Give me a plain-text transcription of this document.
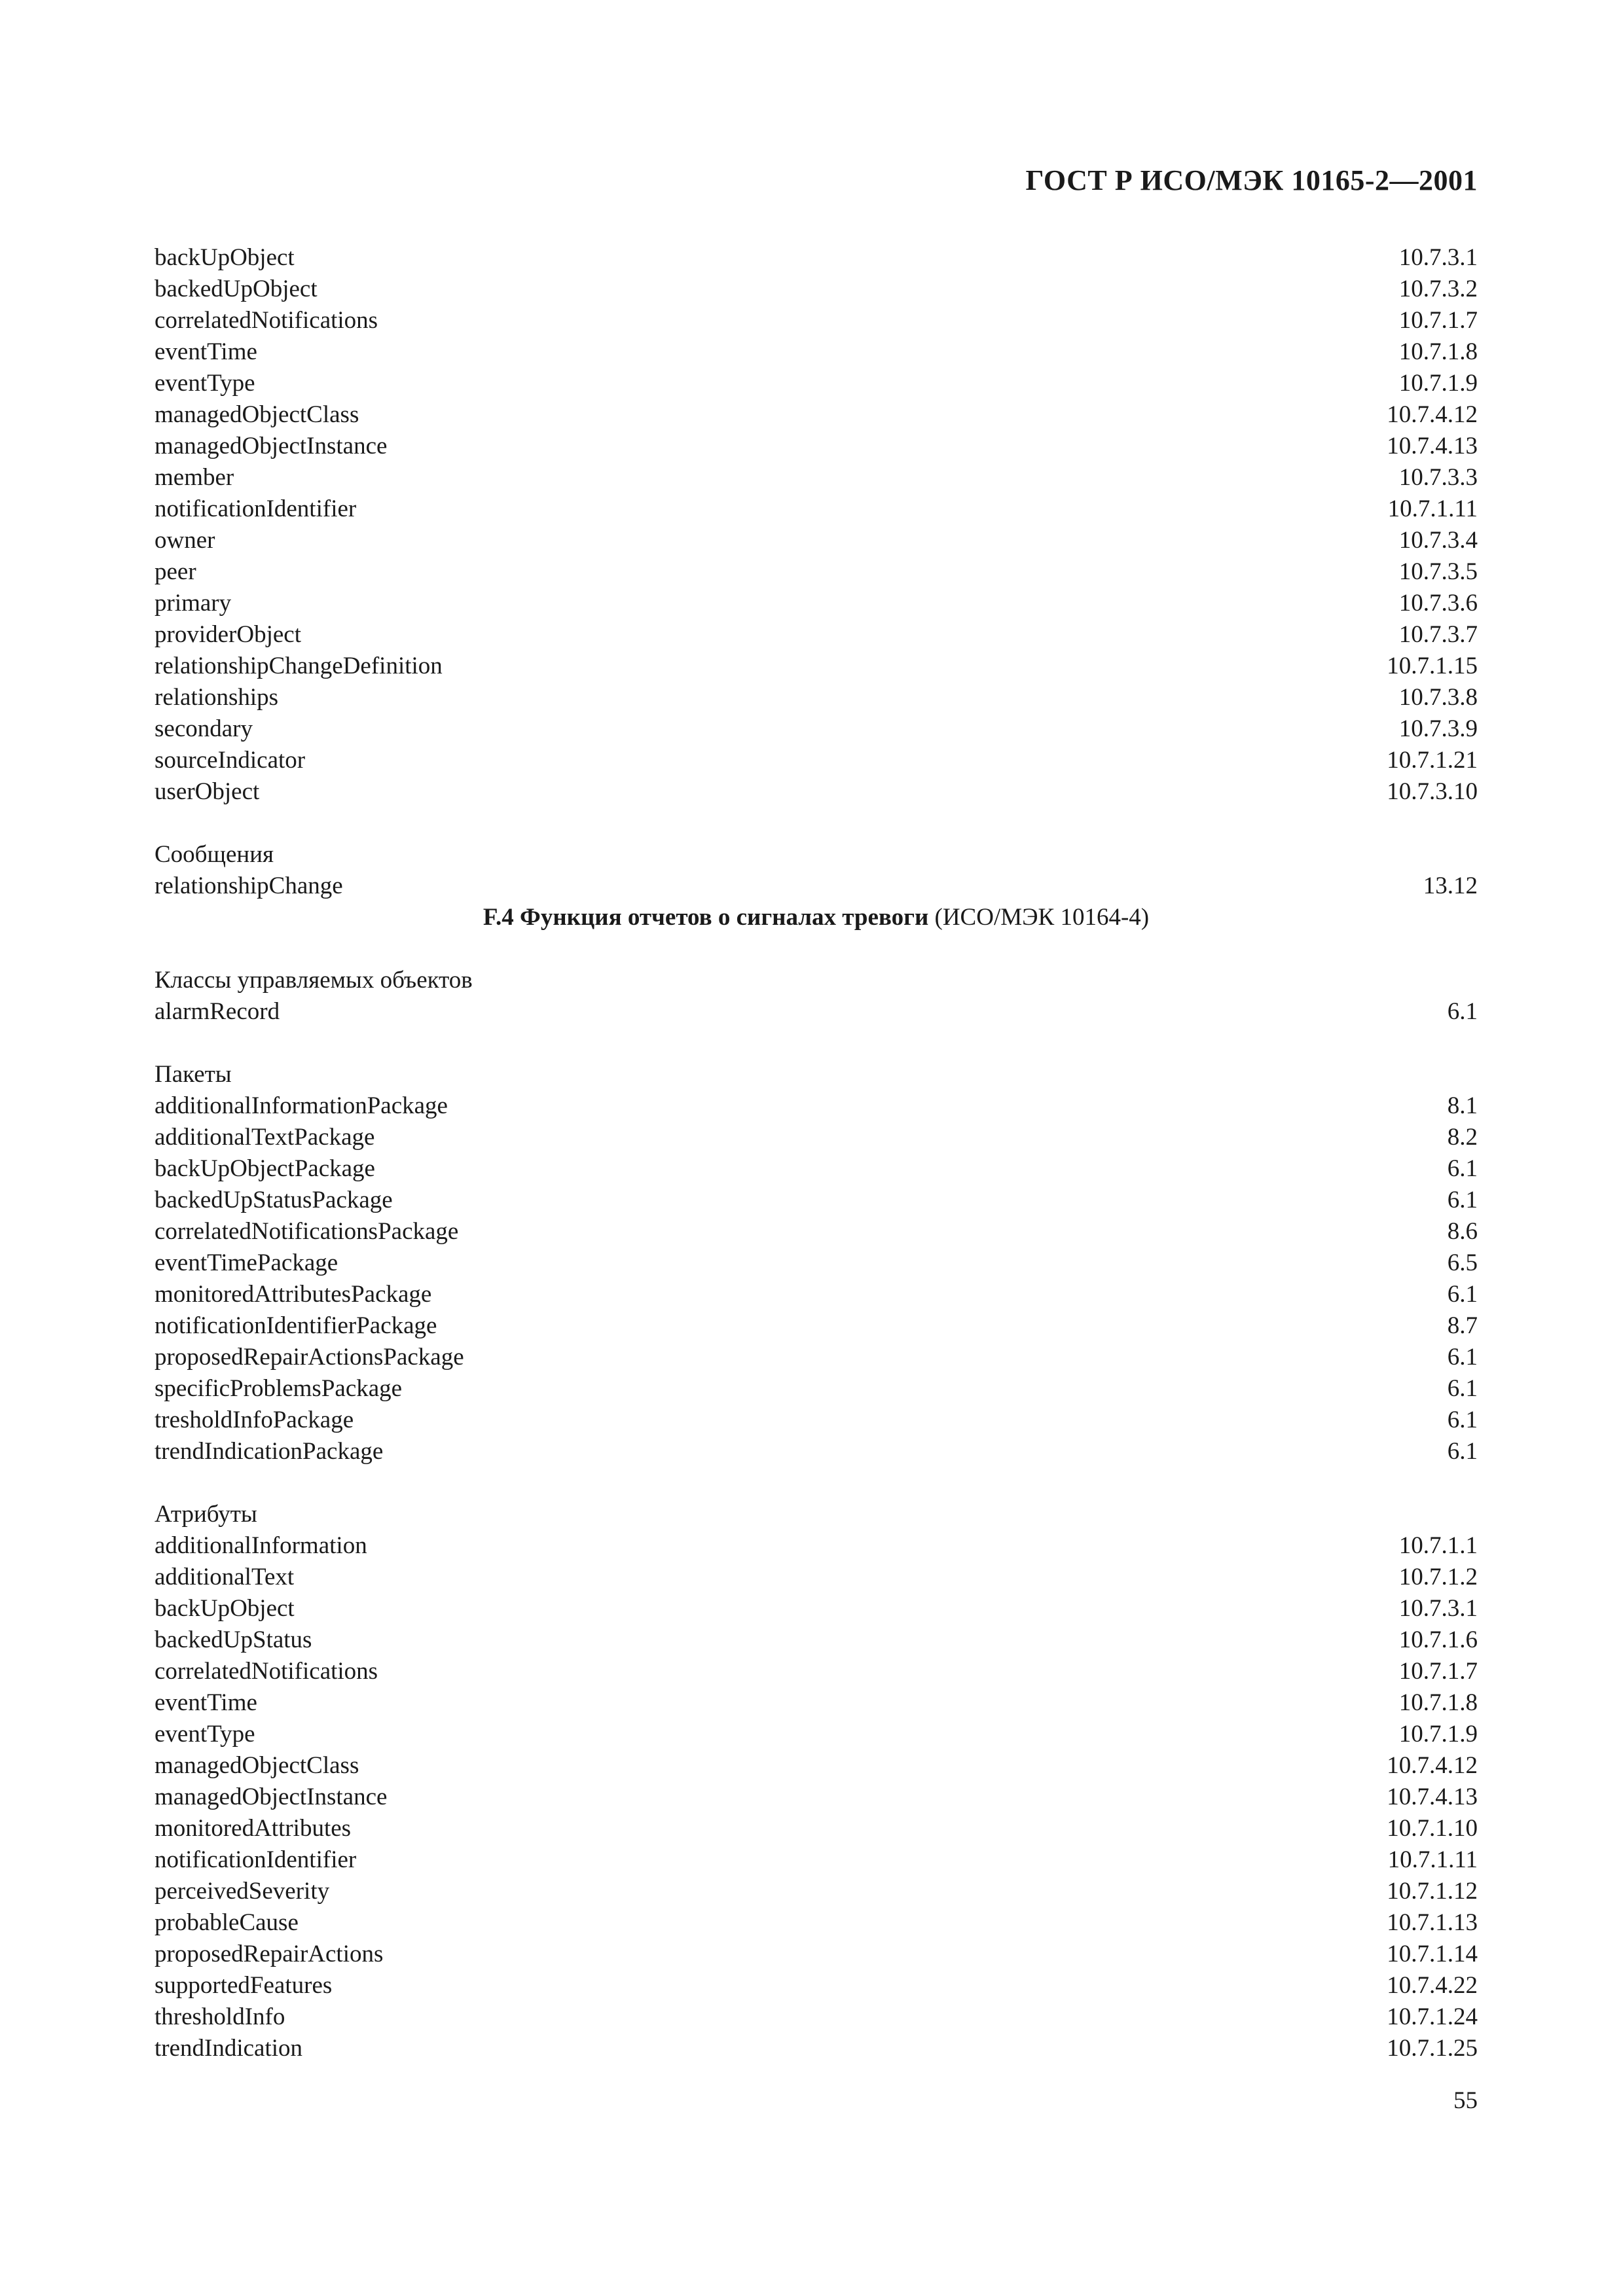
ГОСТ Р ИСО/МЭК 10165-2—2001
backUpObject	10.7.3.1
backedUpObject	10.7.3.2
correlatedNotifications	10.7.1.7
eventTime	10.7.1.8
eventType	10.7.1.9
managedObjectClass	10.7.4.12
managedObjectInstance	10.7.4.13
member	10.7.3.3
notificationIdentifier	10.7.1.11
owner	10.7.3.4
peer	10.7.3.5
primary	10.7.3.6
providerObject	10.7.3.7
relationshipChangeDefinition	10.7.1.15
relationships	10.7.3.8
secondary	10.7.3.9
sourceIndicator	10.7.1.21
userObject	10.7.3.10
Сообщения
relationshipChange	13.12
F.4 Функция отчетов о сигналах тревоги (ИСО/МЭК 10164-4)
Классы управляемых объектов
alarmRecord	6.1
Пакеты
additionalInformationPackage	8.1
additionalTextPackage	8.2
backUpObjectPackage	6.1
backedUpStatusPackage	6.1
correlatedNotificationsPackage	8.6
eventTimePackage	6.5
monitoredAttributesPackage	6.1
notificationIdentifierPackage	8.7
proposedRepairActionsPackage	6.1
specificProblemsPackage	6.1
tresholdInfoPackage	6.1
trendIndicationPackage	6.1
Атрибуты
additionalInformation	10.7.1.1
additionalText	10.7.1.2
backUpObject	10.7.3.1
backedUpStatus	10.7.1.6
correlatedNotifications	10.7.1.7
eventTime	10.7.1.8
eventType	10.7.1.9
managedObjectClass	10.7.4.12
managedObjectInstance	10.7.4.13
monitoredAttributes	10.7.1.10
notificationIdentifier	10.7.1.11
perceivedSeverity	10.7.1.12
probableCause	10.7.1.13
proposedRepairActions	10.7.1.14
supportedFeatures	10.7.4.22
thresholdInfo	10.7.1.24
trendIndication	10.7.1.25
55
